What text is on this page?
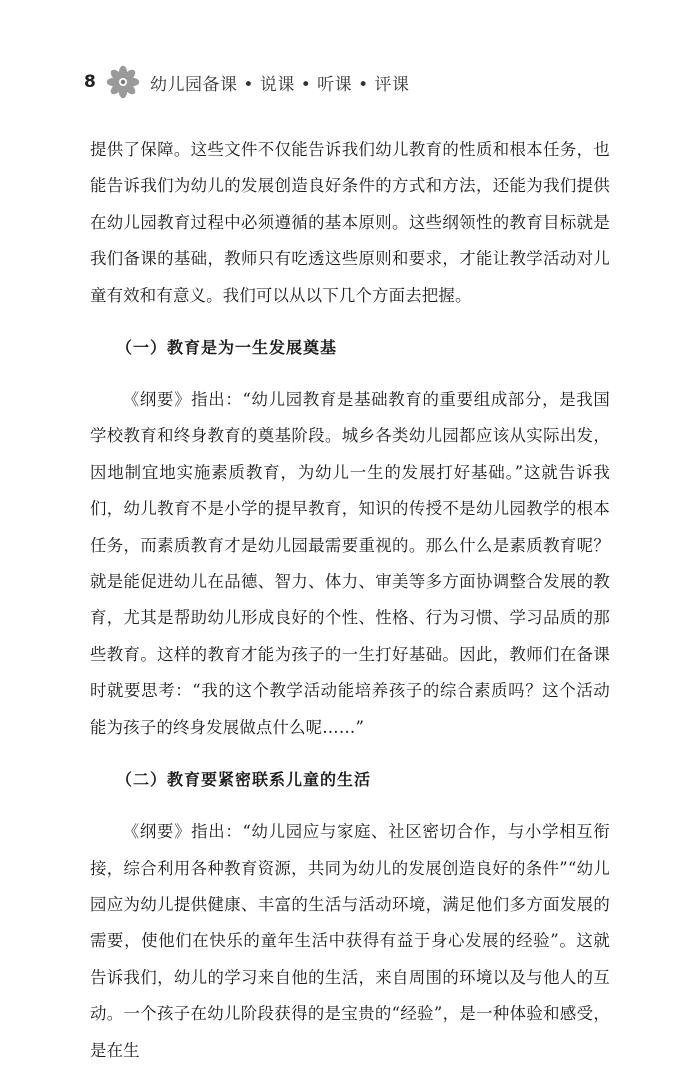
8	幼儿园备课 • 说课 • 听课 • 评课

提供了保障。这些文件不仅能告诉我们幼儿教育的性质和根本任务，也能告诉我们为幼儿的发展创造良好条件的方式和方法，还能为我们提供在幼儿园教育过程中必须遵循的基本原则。这些纲领性的教育目标就是我们备课的基础，教师只有吃透这些原则和要求，才能让教学活动对儿童有效和有意义。我们可以从以下几个方面去把握。

（一）教育是为一生发展奠基

《纲要》指出：“幼儿园教育是基础教育的重要组成部分，是我国学校教育和终身教育的奠基阶段。城乡各类幼儿园都应该从实际出发，因地制宜地实施素质教育，为幼儿一生的发展打好基础。”这就告诉我们，幼儿教育不是小学的提早教育，知识的传授不是幼儿园教学的根本任务，而素质教育才是幼儿园最需要重视的。那么什么是素质教育呢？就是能促进幼儿在品德、智力、体力、审美等多方面协调整合发展的教育，尤其是帮助幼儿形成良好的个性、性格、行为习惯、学习品质的那些教育。这样的教育才能为孩子的一生打好基础。因此，教师们在备课时就要思考：“我的这个教学活动能培养孩子的综合素质吗？这个活动能为孩子的终身发展做点什么呢……”

（二）教育要紧密联系儿童的生活

《纲要》指出：“幼儿园应与家庭、社区密切合作，与小学相互衔接，综合利用各种教育资源，共同为幼儿的发展创造良好的条件”“幼儿园应为幼儿提供健康、丰富的生活与活动环境，满足他们多方面发展的需要，使他们在快乐的童年生活中获得有益于身心发展的经验”。这就告诉我们，幼儿的学习来自他的生活，来自周围的环境以及与他人的互动。一个孩子在幼儿阶段获得的是宝贵的“经验”，是一种体验和感受，是在生
